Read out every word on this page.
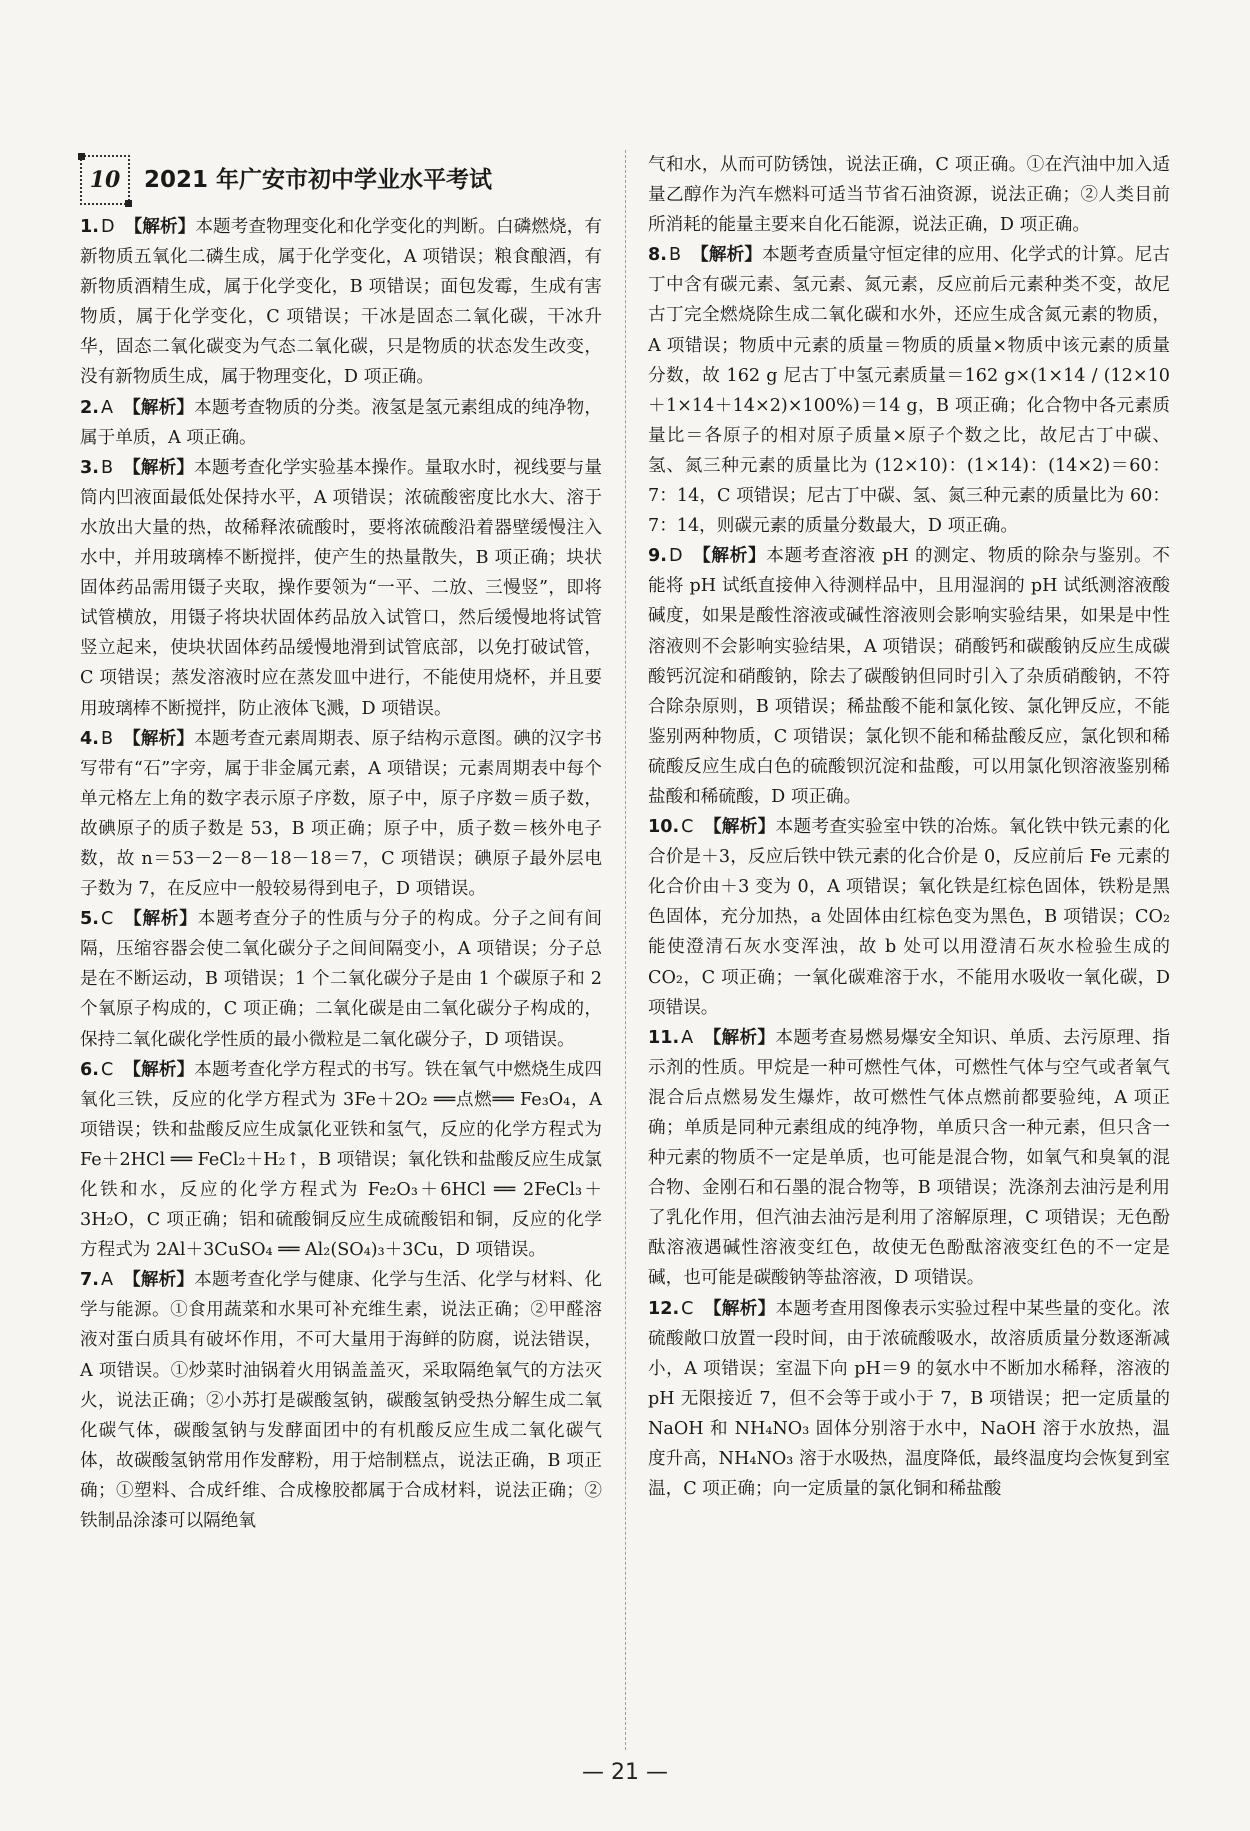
10 2021 年广安市初中学业水平考试

1. D 【解析】本题考查物理变化和化学变化的判断。白磷燃烧，有新物质五氧化二磷生成，属于化学变化，A 项错误；粮食酿酒，有新物质酒精生成，属于化学变化，B 项错误；面包发霉，生成有害物质，属于化学变化，C 项错误；干冰是固态二氧化碳，干冰升华，固态二氧化碳变为气态二氧化碳，只是物质的状态发生改变，没有新物质生成，属于物理变化，D 项正确。

2. A 【解析】本题考查物质的分类。液氢是氢元素组成的纯净物，属于单质，A 项正确。

3. B 【解析】本题考查化学实验基本操作。量取水时，视线要与量筒内凹液面最低处保持水平，A 项错误；浓硫酸密度比水大、溶于水放出大量的热，故稀释浓硫酸时，要将浓硫酸沿着器壁缓慢注入水中，并用玻璃棒不断搅拌，使产生的热量散失，B 项正确；块状固体药品需用镊子夹取，操作要领为“一平、二放、三慢竖”，即将试管横放，用镊子将块状固体药品放入试管口，然后缓慢地将试管竖立起来，使块状固体药品缓慢地滑到试管底部，以免打破试管，C 项错误；蒸发溶液时应在蒸发皿中进行，不能使用烧杯，并且要用玻璃棒不断搅拌，防止液体飞溅，D 项错误。

4. B 【解析】本题考查元素周期表、原子结构示意图。碘的汉字书写带有“石”字旁，属于非金属元素，A 项错误；元素周期表中每个单元格左上角的数字表示原子序数，原子中，原子序数＝质子数，故碘原子的质子数是 53，B 项正确；原子中，质子数＝核外电子数，故 n＝53－2－8－18－18＝7，C 项错误；碘原子最外层电子数为 7，在反应中一般较易得到电子，D 项错误。

5. C 【解析】本题考查分子的性质与分子的构成。分子之间有间隔，压缩容器会使二氧化碳分子之间间隔变小，A 项错误；分子总是在不断运动，B 项错误；1 个二氧化碳分子是由 1 个碳原子和 2 个氧原子构成的，C 项正确；二氧化碳是由二氧化碳分子构成的，保持二氧化碳化学性质的最小微粒是二氧化碳分子，D 项错误。

6. C 【解析】本题考查化学方程式的书写。铁在氧气中燃烧生成四氧化三铁，反应的化学方程式为 3Fe＋2O₂ ══点燃══ Fe₃O₄，A 项错误；铁和盐酸反应生成氯化亚铁和氢气，反应的化学方程式为 Fe＋2HCl ══ FeCl₂＋H₂↑，B 项错误；氧化铁和盐酸反应生成氯化铁和水，反应的化学方程式为 Fe₂O₃＋6HCl ══ 2FeCl₃＋3H₂O，C 项正确；铝和硫酸铜反应生成硫酸铝和铜，反应的化学方程式为 2Al＋3CuSO₄ ══ Al₂(SO₄)₃＋3Cu，D 项错误。

7. A 【解析】本题考查化学与健康、化学与生活、化学与材料、化学与能源。①食用蔬菜和水果可补充维生素，说法正确；②甲醛溶液对蛋白质具有破坏作用，不可大量用于海鲜的防腐，说法错误，A 项错误。①炒菜时油锅着火用锅盖盖灭，采取隔绝氧气的方法灭火，说法正确；②小苏打是碳酸氢钠，碳酸氢钠受热分解生成二氧化碳气体，碳酸氢钠与发酵面团中的有机酸反应生成二氧化碳气体，故碳酸氢钠常用作发酵粉，用于焙制糕点，说法正确，B 项正确；①塑料、合成纤维、合成橡胶都属于合成材料，说法正确；②铁制品涂漆可以隔绝氧

气和水，从而可防锈蚀，说法正确，C 项正确。①在汽油中加入适量乙醇作为汽车燃料可适当节省石油资源，说法正确；②人类目前所消耗的能量主要来自化石能源，说法正确，D 项正确。

8. B 【解析】本题考查质量守恒定律的应用、化学式的计算。尼古丁中含有碳元素、氢元素、氮元素，反应前后元素种类不变，故尼古丁完全燃烧除生成二氧化碳和水外，还应生成含氮元素的物质，A 项错误；物质中元素的质量＝物质的质量×物质中该元素的质量分数，故 162 g 尼古丁中氢元素质量＝162 g×(1×14 / (12×10＋1×14＋14×2)×100%)＝14 g，B 项正确；化合物中各元素质量比＝各原子的相对原子质量×原子个数之比，故尼古丁中碳、氢、氮三种元素的质量比为 (12×10)：(1×14)：(14×2)＝60：7：14，C 项错误；尼古丁中碳、氢、氮三种元素的质量比为 60：7：14，则碳元素的质量分数最大，D 项正确。

9. D 【解析】本题考查溶液 pH 的测定、物质的除杂与鉴别。不能将 pH 试纸直接伸入待测样品中，且用湿润的 pH 试纸测溶液酸碱度，如果是酸性溶液或碱性溶液则会影响实验结果，如果是中性溶液则不会影响实验结果，A 项错误；硝酸钙和碳酸钠反应生成碳酸钙沉淀和硝酸钠，除去了碳酸钠但同时引入了杂质硝酸钠，不符合除杂原则，B 项错误；稀盐酸不能和氯化铵、氯化钾反应，不能鉴别两种物质，C 项错误；氯化钡不能和稀盐酸反应，氯化钡和稀硫酸反应生成白色的硫酸钡沉淀和盐酸，可以用氯化钡溶液鉴别稀盐酸和稀硫酸，D 项正确。

10. C 【解析】本题考查实验室中铁的冶炼。氧化铁中铁元素的化合价是＋3，反应后铁中铁元素的化合价是 0，反应前后 Fe 元素的化合价由＋3 变为 0，A 项错误；氧化铁是红棕色固体，铁粉是黑色固体，充分加热，a 处固体由红棕色变为黑色，B 项错误；CO₂ 能使澄清石灰水变浑浊，故 b 处可以用澄清石灰水检验生成的 CO₂，C 项正确；一氧化碳难溶于水，不能用水吸收一氧化碳，D 项错误。

11. A 【解析】本题考查易燃易爆安全知识、单质、去污原理、指示剂的性质。甲烷是一种可燃性气体，可燃性气体与空气或者氧气混合后点燃易发生爆炸，故可燃性气体点燃前都要验纯，A 项正确；单质是同种元素组成的纯净物，单质只含一种元素，但只含一种元素的物质不一定是单质，也可能是混合物，如氧气和臭氧的混合物、金刚石和石墨的混合物等，B 项错误；洗涤剂去油污是利用了乳化作用，但汽油去油污是利用了溶解原理，C 项错误；无色酚酞溶液遇碱性溶液变红色，故使无色酚酞溶液变红色的不一定是碱，也可能是碳酸钠等盐溶液，D 项错误。

12. C 【解析】本题考查用图像表示实验过程中某些量的变化。浓硫酸敞口放置一段时间，由于浓硫酸吸水，故溶质质量分数逐渐减小，A 项错误；室温下向 pH＝9 的氨水中不断加水稀释，溶液的 pH 无限接近 7，但不会等于或小于 7，B 项错误；把一定质量的 NaOH 和 NH₄NO₃ 固体分别溶于水中，NaOH 溶于水放热，温度升高，NH₄NO₃ 溶于水吸热，温度降低，最终温度均会恢复到室温，C 项正确；向一定质量的氯化铜和稀盐酸

— 21 —
